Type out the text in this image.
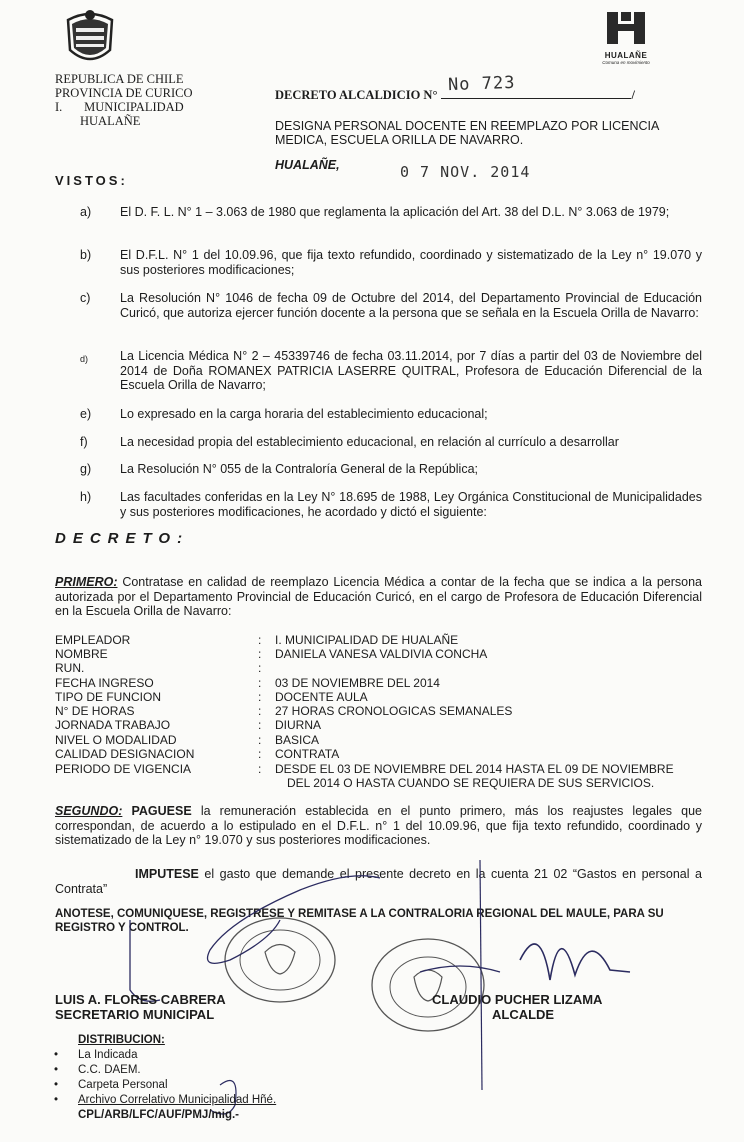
HUALAÑE
Comuna en movimiento
REPUBLICA DE CHILE
PROVINCIA DE CURICO
I.       MUNICIPALIDAD
HUALAÑE
DECRETO ALCALDICIO N°	/
No 723
DESIGNA PERSONAL DOCENTE EN REEMPLAZO POR LICENCIA MEDICA, ESCUELA ORILLA DE NAVARRO.
HUALAÑE,	0 7 NOV. 2014
VISTOS:
a)	El D. F. L. N° 1 – 3.063 de 1980 que reglamenta la aplicación del Art. 38 del D.L. N° 3.063 de 1979;
b)	El D.F.L. N° 1 del 10.09.96, que fija texto refundido, coordinado y sistematizado de la Ley n° 19.070 y sus posteriores modificaciones;
c)	La Resolución N° 1046 de fecha 09 de Octubre del 2014, del Departamento Provincial de Educación Curicó, que autoriza ejercer función docente a la persona que se señala en la Escuela Orilla de Navarro:
d)	La Licencia Médica N° 2 – 45339746 de fecha 03.11.2014, por 7 días a partir del 03 de Noviembre del 2014 de Doña ROMANEX PATRICIA LASERRE QUITRAL, Profesora de Educación Diferencial de la Escuela Orilla de Navarro;
e)	Lo expresado en la carga horaria del establecimiento educacional;
f)	La necesidad propia del establecimiento educacional, en relación al currículo a desarrollar
g)	La Resolución N° 055 de la Contraloría General de la República;
h)	Las facultades conferidas en la Ley N° 18.695 de 1988, Ley Orgánica Constitucional de Municipalidades y sus posteriores modificaciones, he acordado y dictó el siguiente:
DECRETO:
PRIMERO: Contratase en calidad de reemplazo Licencia Médica a contar de la fecha que se indica a la persona autorizada por el Departamento Provincial de Educación Curicó, en el cargo de Profesora de Educación Diferencial en la Escuela Orilla de Navarro:
EMPLEADOR	: I. MUNICIPALIDAD DE HUALAÑE
NOMBRE	: DANIELA VANESA VALDIVIA CONCHA
RUN.	:
FECHA INGRESO	: 03 DE NOVIEMBRE DEL 2014
TIPO DE FUNCION	: DOCENTE AULA
N° DE HORAS	: 27 HORAS CRONOLOGICAS SEMANALES
JORNADA TRABAJO	: DIURNA
NIVEL O MODALIDAD	: BASICA
CALIDAD DESIGNACION	: CONTRATA
PERIODO DE VIGENCIA	: DESDE EL 03 DE NOVIEMBRE DEL 2014 HASTA EL 09 DE NOVIEMBRE
DEL 2014 O HASTA CUANDO SE REQUIERA DE SUS SERVICIOS.
SEGUNDO: PAGUESE la remuneración establecida en el punto primero, más los reajustes legales que correspondan, de acuerdo a lo estipulado en el D.F.L. n° 1 del 10.09.96, que fija texto refundido, coordinado y sistematizado de la Ley n° 19.070 y sus posteriores modificaciones.
IMPUTESE el gasto que demande el presente decreto en la cuenta 21 02 “Gastos en personal a Contrata”
ANOTESE, COMUNIQUESE, REGISTRESE Y REMITASE A LA CONTRALORIA REGIONAL DEL MAULE, PARA SU REGISTRO Y CONTROL.
LUIS A. FLORES CABRERA
SECRETARIO MUNICIPAL
CLAUDIO PUCHER LIZAMA
ALCALDE
DISTRIBUCION:
• La Indicada
• C.C. DAEM.
• Carpeta Personal
• Archivo Correlativo Municipalidad Hñé.
CPL/ARB/LFC/AUF/PMJ/mig.-
